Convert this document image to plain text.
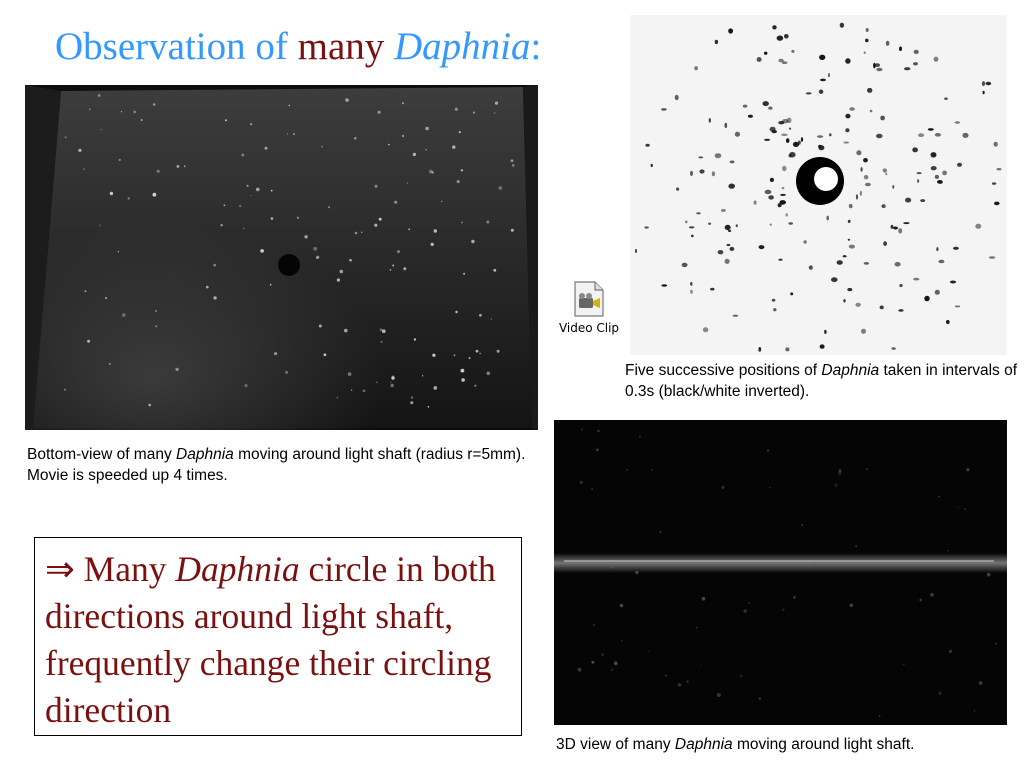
Observation of many Daphnia:
Video Clip

Bottom-view of many Daphnia moving around light shaft (radius r=5mm). Movie is speeded up 4 times.

Five successive positions of Daphnia taken in intervals of 0.3s (black/white inverted).

3D view of many Daphnia moving around light shaft.

⇒ Many Daphnia circle in both directions around light shaft, frequently change their circling direction
